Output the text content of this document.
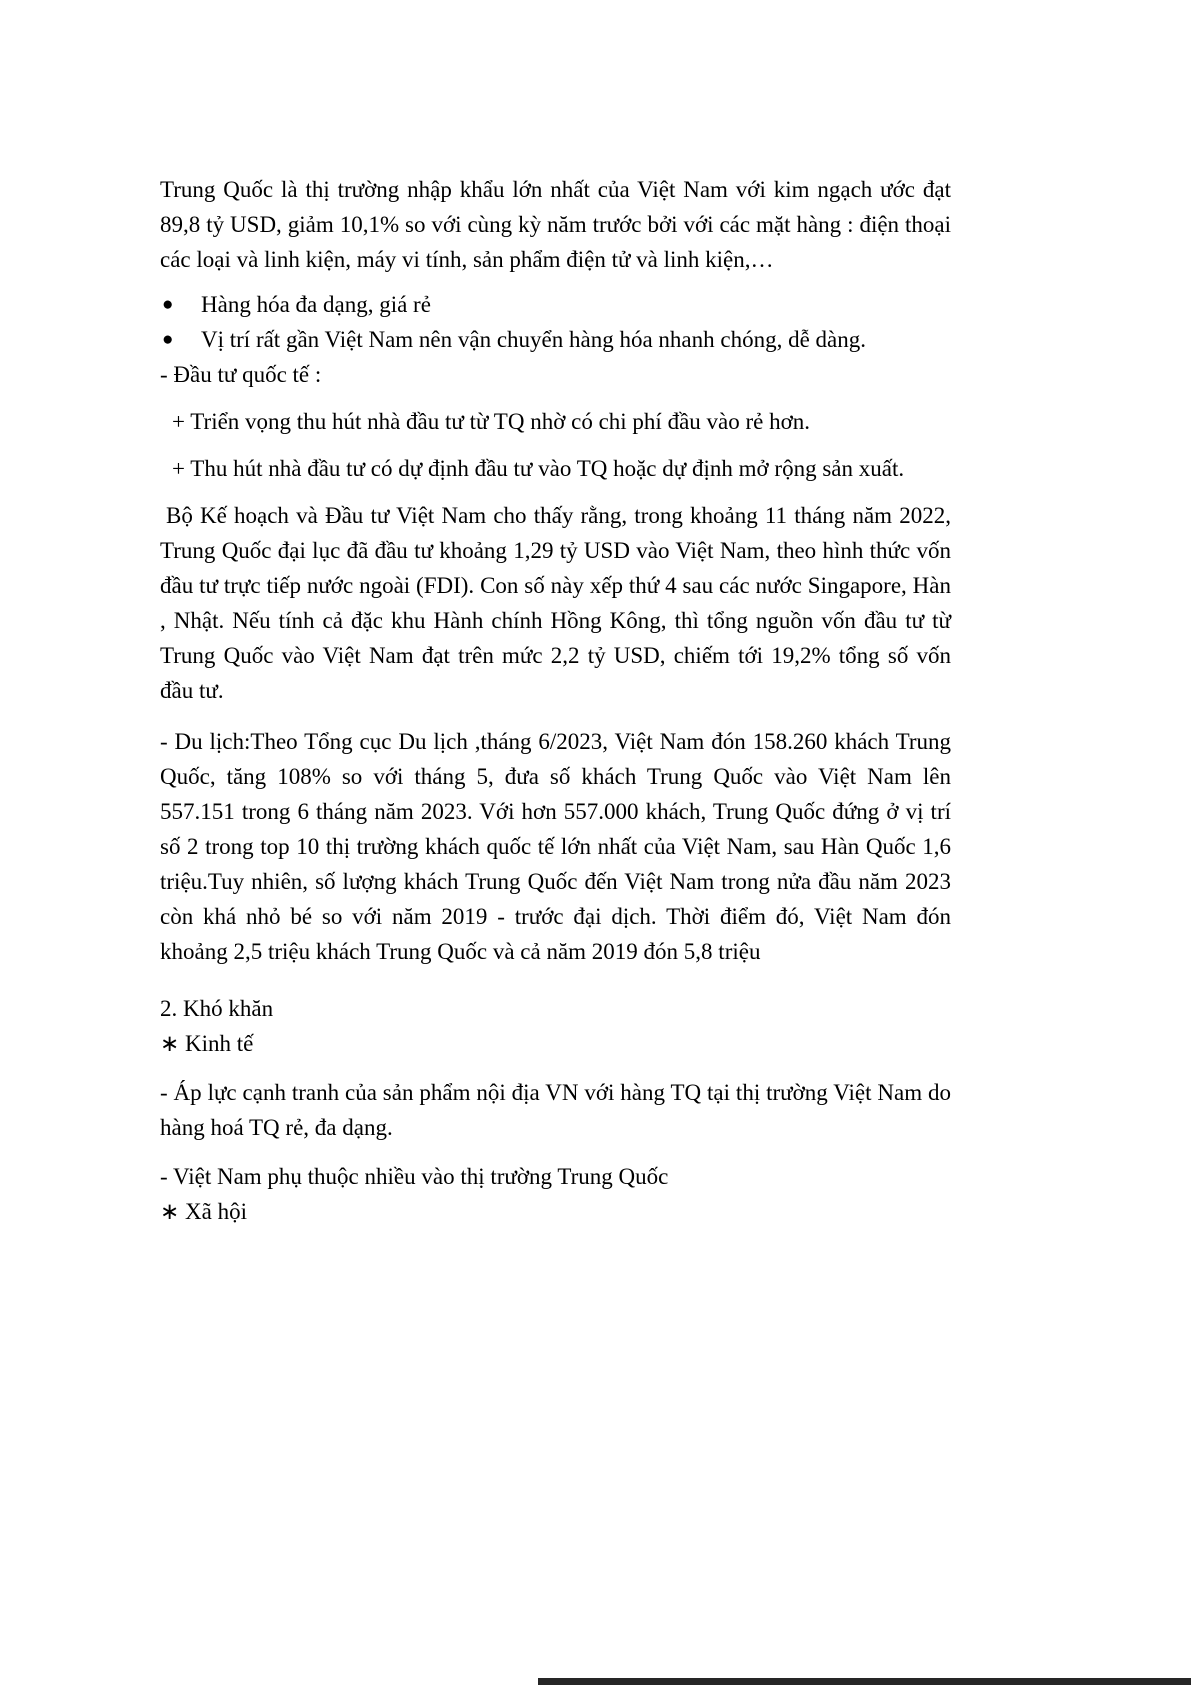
Trung Quốc là thị trường nhập khẩu lớn nhất của Việt Nam với kim ngạch ước đạt 89,8 tỷ USD, giảm 10,1% so với cùng kỳ năm trước bởi với các mặt hàng : điện thoại các loại và linh kiện, máy vi tính, sản phẩm điện tử và linh kiện,…

● Hàng hóa đa dạng, giá rẻ
● Vị trí rất gần Việt Nam nên vận chuyển hàng hóa nhanh chóng, dễ dàng.

- Đầu tư quốc tế :

+ Triển vọng thu hút nhà đầu tư từ TQ nhờ có chi phí đầu vào rẻ hơn.

+ Thu hút nhà đầu tư có dự định đầu tư vào TQ hoặc dự định mở rộng sản xuất.

Bộ Kế hoạch và Đầu tư Việt Nam cho thấy rằng, trong khoảng 11 tháng năm 2022, Trung Quốc đại lục đã đầu tư khoảng 1,29 tỷ USD vào Việt Nam, theo hình thức vốn đầu tư trực tiếp nước ngoài (FDI). Con số này xếp thứ 4 sau các nước Singapore, Hàn , Nhật. Nếu tính cả đặc khu Hành chính Hồng Kông, thì tổng nguồn vốn đầu tư từ Trung Quốc vào Việt Nam đạt trên mức 2,2 tỷ USD, chiếm tới 19,2% tổng số vốn đầu tư.

- Du lịch:Theo Tổng cục Du lịch ,tháng 6/2023, Việt Nam đón 158.260 khách Trung Quốc, tăng 108% so với tháng 5, đưa số khách Trung Quốc vào Việt Nam lên 557.151 trong 6 tháng năm 2023. Với hơn 557.000 khách, Trung Quốc đứng ở vị trí số 2 trong top 10 thị trường khách quốc tế lớn nhất của Việt Nam, sau Hàn Quốc 1,6 triệu.Tuy nhiên, số lượng khách Trung Quốc đến Việt Nam trong nửa đầu năm 2023 còn khá nhỏ bé so với năm 2019 - trước đại dịch. Thời điểm đó, Việt Nam đón khoảng 2,5 triệu khách Trung Quốc và cả năm 2019 đón 5,8 triệu

2. Khó khăn

∗ Kinh tế

- Áp lực cạnh tranh của sản phẩm nội địa VN với hàng TQ tại thị trường Việt Nam do hàng hoá TQ rẻ, đa dạng.

- Việt Nam phụ thuộc nhiều vào thị trường Trung Quốc

∗ Xã hội
